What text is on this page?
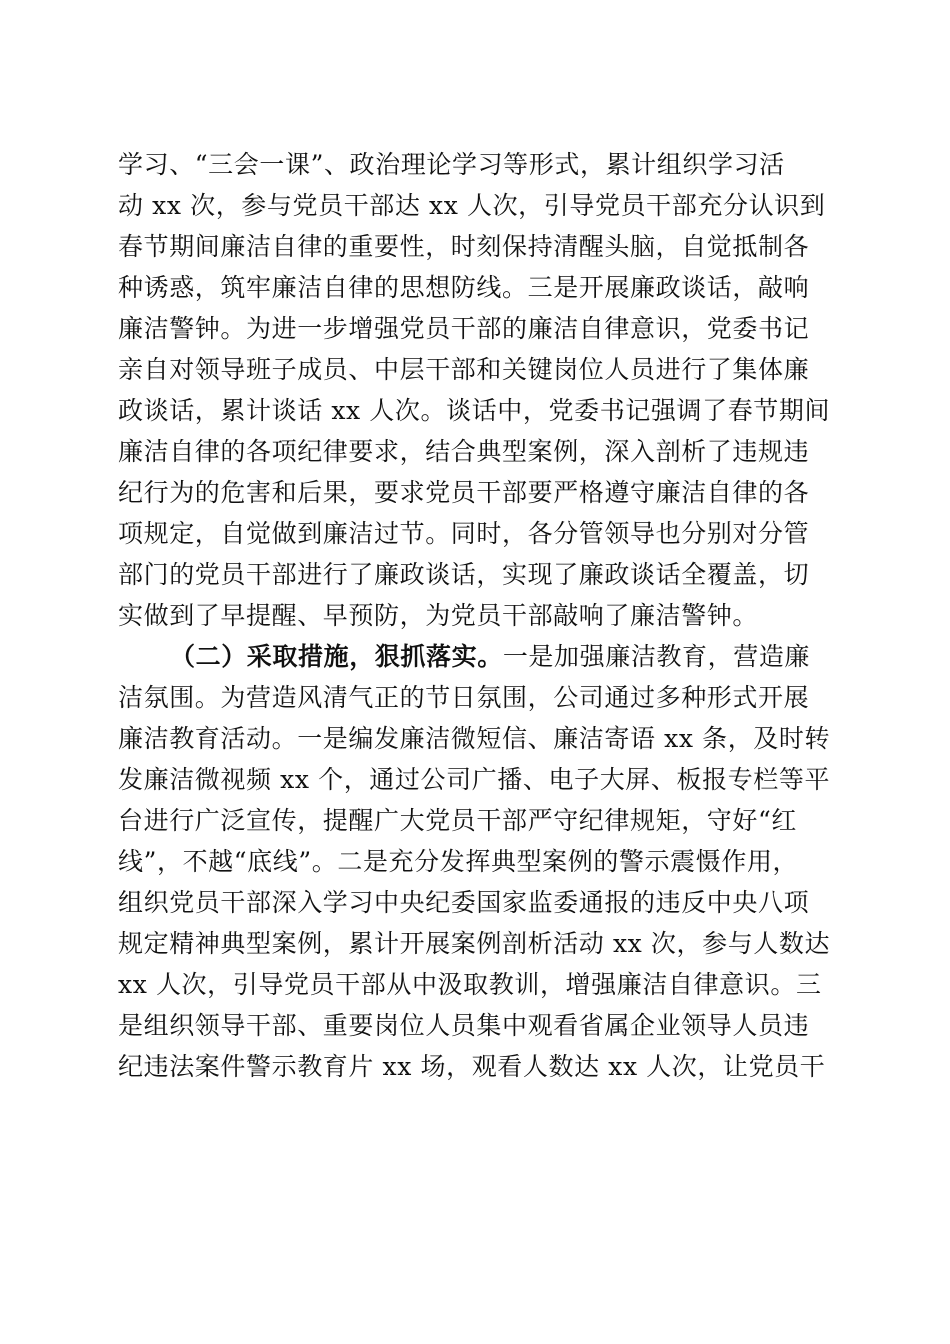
学习、“三会一课”、政治理论学习等形式，累计组织学习活
动 xx 次，参与党员干部达 xx 人次，引导党员干部充分认识到
春节期间廉洁自律的重要性，时刻保持清醒头脑，自觉抵制各
种诱惑，筑牢廉洁自律的思想防线。三是开展廉政谈话，敲响
廉洁警钟。为进一步增强党员干部的廉洁自律意识，党委书记
亲自对领导班子成员、中层干部和关键岗位人员进行了集体廉
政谈话，累计谈话 xx 人次。谈话中，党委书记强调了春节期间
廉洁自律的各项纪律要求，结合典型案例，深入剖析了违规违
纪行为的危害和后果，要求党员干部要严格遵守廉洁自律的各
项规定，自觉做到廉洁过节。同时，各分管领导也分别对分管
部门的党员干部进行了廉政谈话，实现了廉政谈话全覆盖，切
实做到了早提醒、早预防，为党员干部敲响了廉洁警钟。
（二）采取措施，狠抓落实。一是加强廉洁教育，营造廉
洁氛围。为营造风清气正的节日氛围，公司通过多种形式开展
廉洁教育活动。一是编发廉洁微短信、廉洁寄语 xx 条，及时转
发廉洁微视频 xx 个，通过公司广播、电子大屏、板报专栏等平
台进行广泛宣传，提醒广大党员干部严守纪律规矩，守好“红
线”，不越“底线”。二是充分发挥典型案例的警示震慑作用，
组织党员干部深入学习中央纪委国家监委通报的违反中央八项
规定精神典型案例，累计开展案例剖析活动 xx 次，参与人数达
xx 人次，引导党员干部从中汲取教训，增强廉洁自律意识。三
是组织领导干部、重要岗位人员集中观看省属企业领导人员违
纪违法案件警示教育片 xx 场，观看人数达 xx 人次，让党员干
